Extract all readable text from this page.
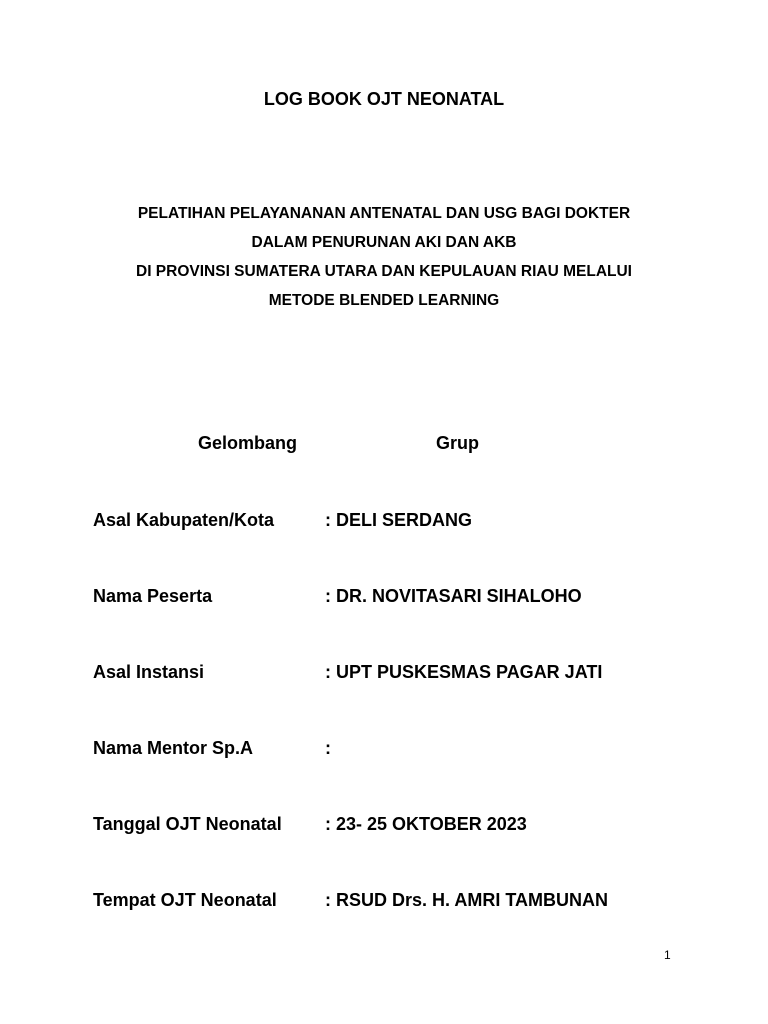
LOG BOOK OJT NEONATAL
PELATIHAN PELAYANANAN ANTENATAL DAN USG BAGI DOKTER
DALAM PENURUNAN AKI DAN AKB
DI PROVINSI SUMATERA UTARA DAN KEPULAUAN RIAU MELALUI
METODE BLENDED LEARNING
Gelombang	Grup
Asal Kabupaten/Kota	: DELI SERDANG
Nama Peserta	: DR. NOVITASARI SIHALOHO
Asal Instansi	: UPT PUSKESMAS PAGAR JATI
Nama Mentor Sp.A	:
Tanggal OJT Neonatal : 23- 25 OKTOBER 2023
Tempat OJT Neonatal	: RSUD Drs. H. AMRI TAMBUNAN
1
